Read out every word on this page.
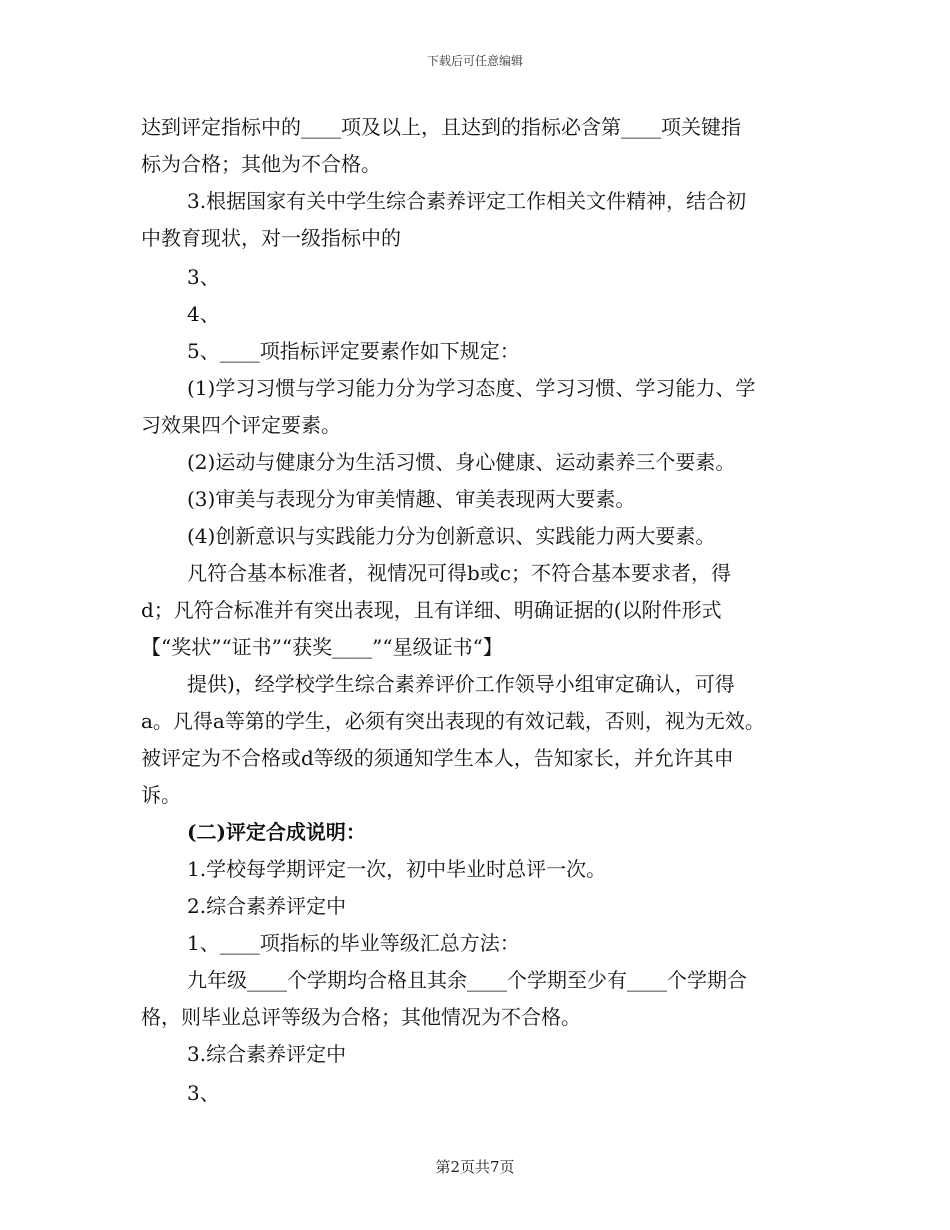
下载后可任意编辑
达到评定指标中的____项及以上，且达到的指标必含第____项关键指
标为合格；其他为不合格。
3.根据国家有关中学生综合素养评定工作相关文件精神，结合初
中教育现状，对一级指标中的
3、
4、
5、____项指标评定要素作如下规定：
(1)学习习惯与学习能力分为学习态度、学习习惯、学习能力、学
习效果四个评定要素。
(2)运动与健康分为生活习惯、身心健康、运动素养三个要素。
(3)审美与表现分为审美情趣、审美表现两大要素。
(4)创新意识与实践能力分为创新意识、实践能力两大要素。
凡符合基本标准者，视情况可得b或c；不符合基本要求者，得
d；凡符合标准并有突出表现，且有详细、明确证据的(以附件形式
【“奖状”“证书”“获奖____”“星级证书“】
提供)，经学校学生综合素养评价工作领导小组审定确认，可得
a。凡得a等第的学生，必须有突出表现的有效记载，否则，视为无效。
被评定为不合格或d等级的须通知学生本人，告知家长，并允许其申
诉。
(二)评定合成说明：
1.学校每学期评定一次，初中毕业时总评一次。
2.综合素养评定中
1、____项指标的毕业等级汇总方法：
九年级____个学期均合格且其余____个学期至少有____个学期合
格，则毕业总评等级为合格；其他情况为不合格。
3.综合素养评定中
3、
第2页共7页
